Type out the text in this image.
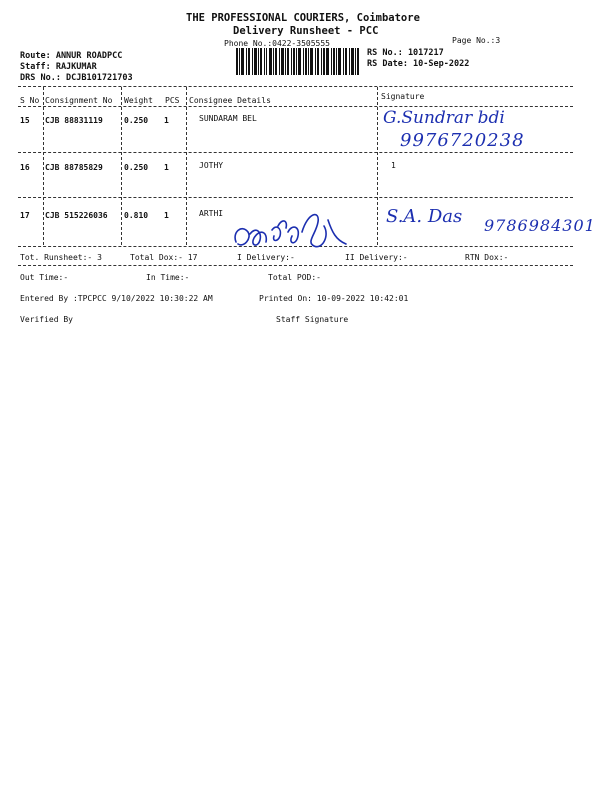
THE PROFESSIONAL COURIERS, Coimbatore
Delivery Runsheet - PCC
Phone No.:0422-3505555	Page No.:3
Route: ANNUR ROADPCC
Staff: RAJKUMAR
DRS No.: DCJB101721703
RS No.: 1017217
RS Date: 10-Sep-2022
S No Consignment No Weight PCS Consignee Details	Signature
15 CJB 88831119	0.250 1	SUNDARAM BEL	G.Sundrar bdi
9976720238
16 CJB 88785829	0.250 1	JOTHY	1
17 CJB 515226036 0.810 1	ARTHI	S.A. Das 9786984301
Tot. Runsheet:- 3	Total Dox:- 17	I Delivery:-	II Delivery:-	RTN Dox:-
Out Time:-	In Time:-	Total POD:-
Entered By :TPCPCC 9/10/2022 10:30:22 AM	Printed On: 10-09-2022 10:42:01
Verified By	Staff Signature
